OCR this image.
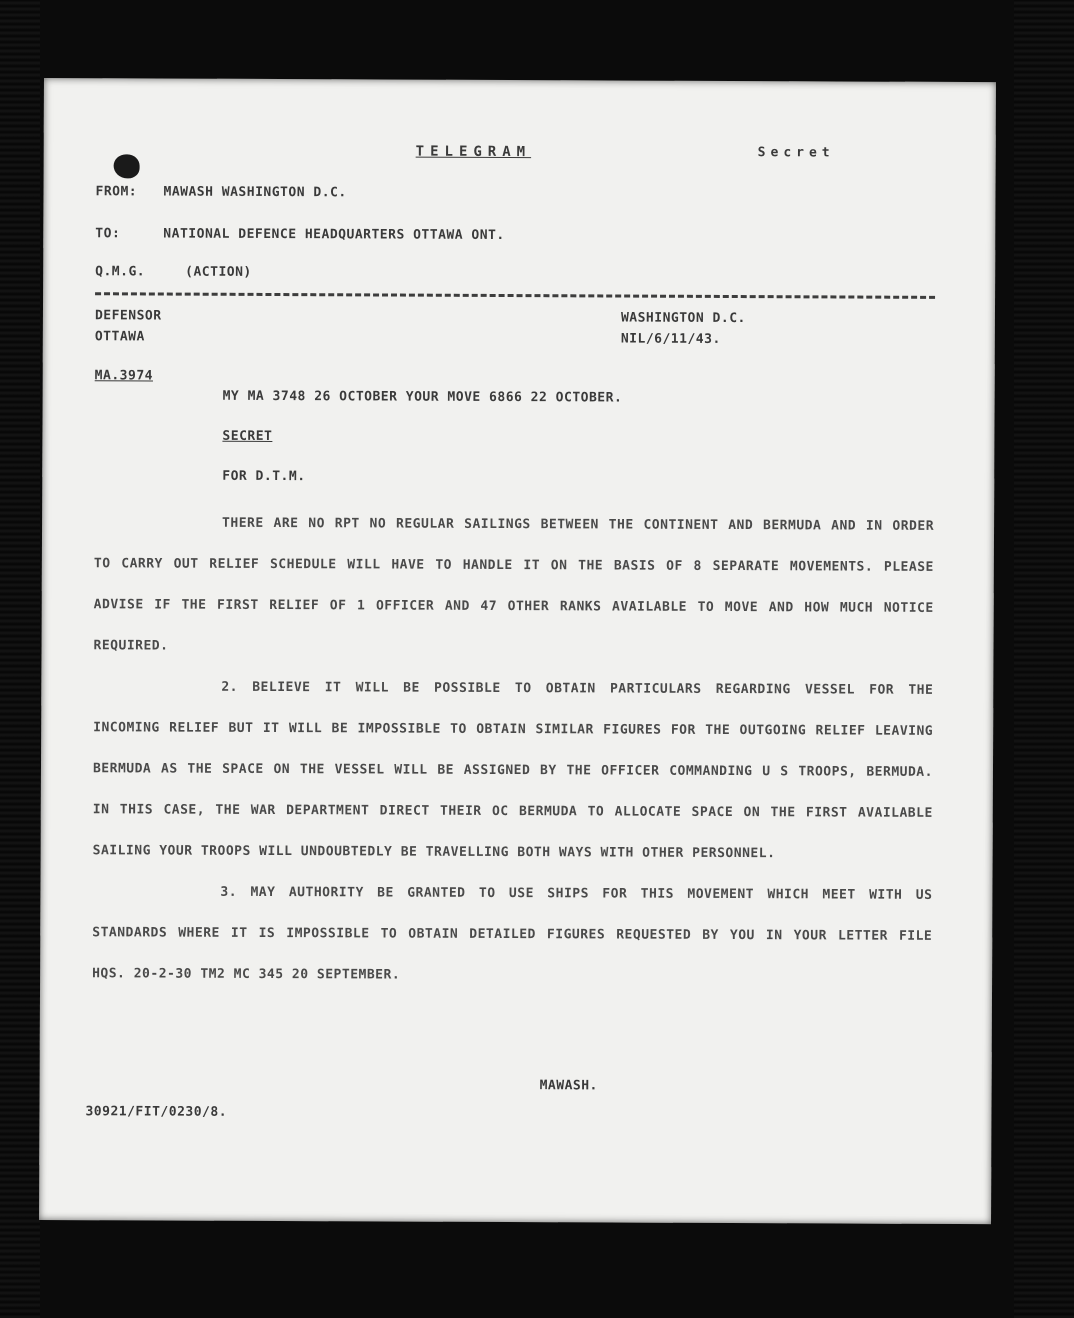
TELEGRAM	Secret
FROM: MAWASH WASHINGTON D.C.
TO:	NATIONAL DEFENCE HEADQUARTERS OTTAWA ONT.
Q.M.G.	(ACTION)
DEFENSOR
OTTAWA
WASHINGTON D.C.
NIL/6/11/43.
MA.3974
MY MA 3748 26 OCTOBER YOUR MOVE 6866 22 OCTOBER.
SECRET
FOR D.T.M.

THERE ARE NO RPT NO REGULAR SAILINGS BETWEEN THE CONTINENT AND BERMUDA AND IN ORDER TO CARRY OUT RELIEF SCHEDULE WILL HAVE TO HANDLE IT ON THE BASIS OF 8 SEPARATE MOVEMENTS. PLEASE ADVISE IF THE FIRST RELIEF OF 1 OFFICER AND 47 OTHER RANKS AVAILABLE TO MOVE AND HOW MUCH NOTICE REQUIRED.

2. BELIEVE IT WILL BE POSSIBLE TO OBTAIN PARTICULARS REGARDING VESSEL FOR THE INCOMING RELIEF BUT IT WILL BE IMPOSSIBLE TO OBTAIN SIMILAR FIGURES FOR THE OUTGOING RELIEF LEAVING BERMUDA AS THE SPACE ON THE VESSEL WILL BE ASSIGNED BY THE OFFICER COMMANDING U S TROOPS, BERMUDA. IN THIS CASE, THE WAR DEPARTMENT DIRECT THEIR OC BERMUDA TO ALLOCATE SPACE ON THE FIRST AVAILABLE SAILING YOUR TROOPS WILL UNDOUBTEDLY BE TRAVELLING BOTH WAYS WITH OTHER PERSONNEL.

3. MAY AUTHORITY BE GRANTED TO USE SHIPS FOR THIS MOVEMENT WHICH MEET WITH US STANDARDS WHERE IT IS IMPOSSIBLE TO OBTAIN DETAILED FIGURES REQUESTED BY YOU IN YOUR LETTER FILE HQS. 20-2-30 TM2 MC 345 20 SEPTEMBER.

MAWASH.
30921/FIT/0230/8.
